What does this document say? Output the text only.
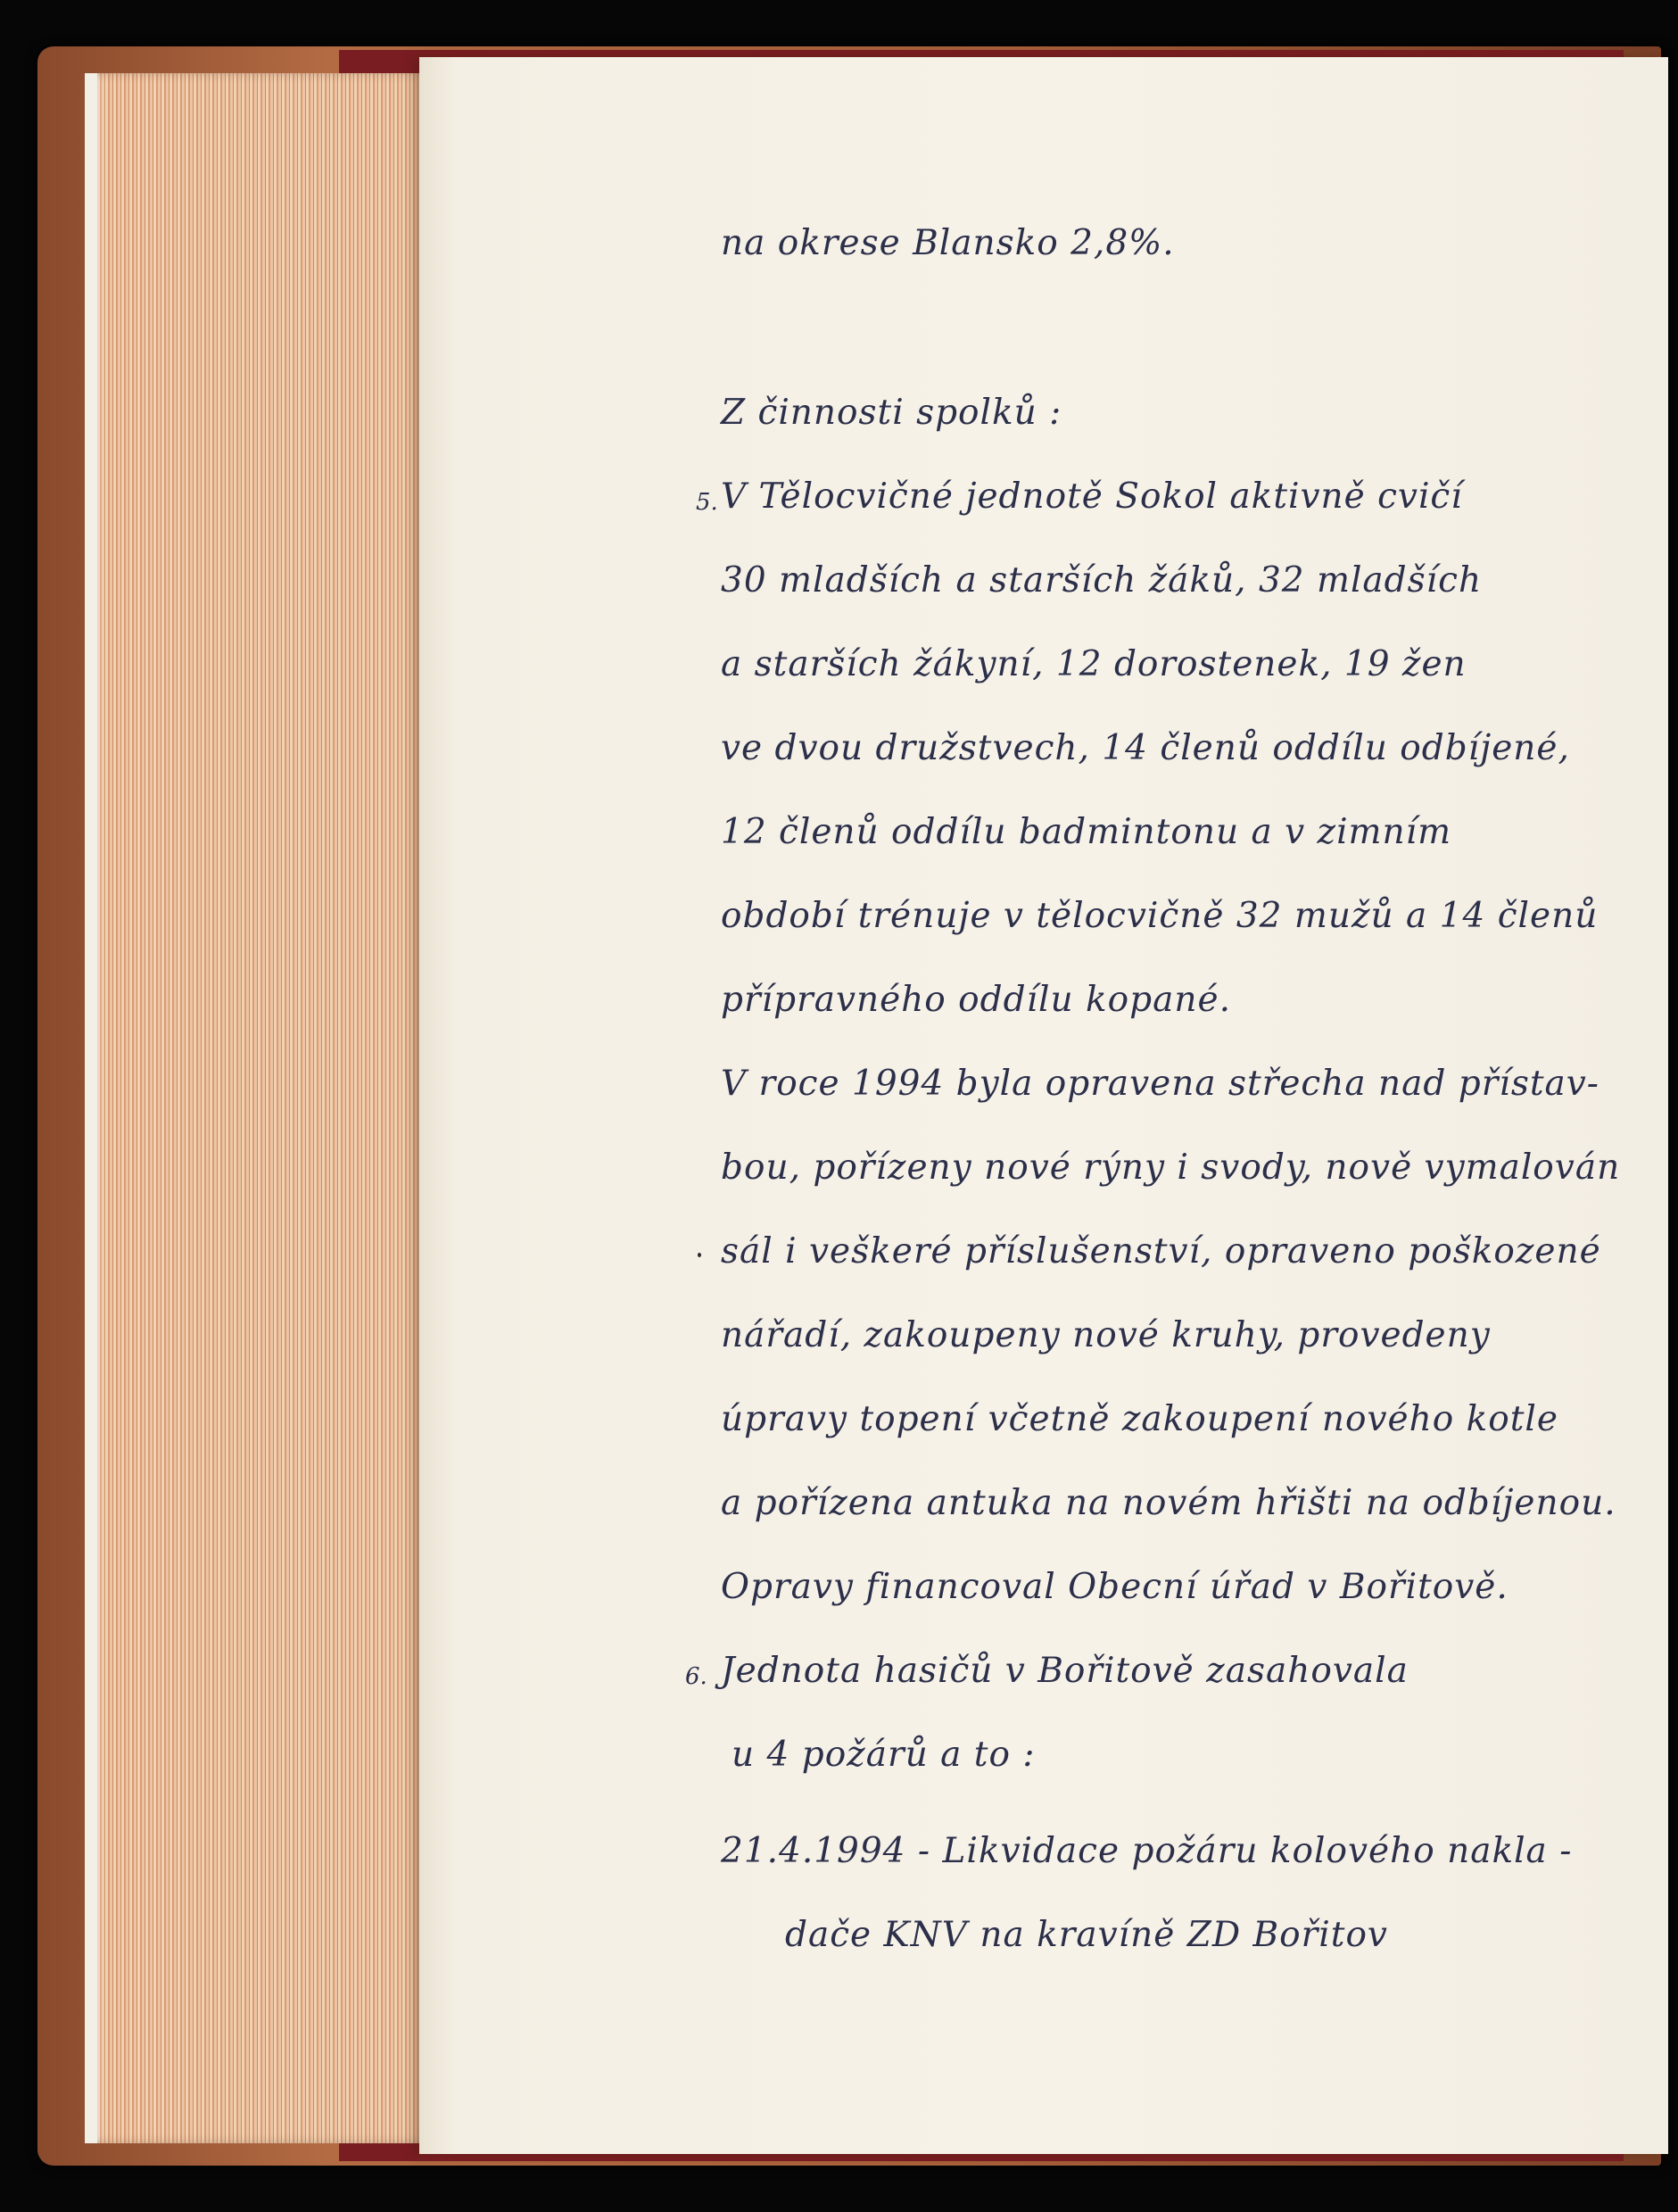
na okrese Blansko 2,8%.
Z činnosti spolků :
5. V Tělocvičné jednotě Sokol aktivně cvičí
30 mladších a starších žáků, 32 mladších
a starších žákyní, 12 dorostenek, 19 žen
ve dvou družstvech, 14 členů oddílu odbíjené,
12 členů oddílu badmintonu a v zimním
období trénuje v tělocvičně 32 mužů a 14 členů
přípravného oddílu kopané.
V roce 1994 byla opravena střecha nad přístav-
bou, pořízeny nové rýny i svody, nově vymalován
sál i veškeré příslušenství, opraveno poškozené
nářadí, zakoupeny nové kruhy, provedeny
úpravy topení včetně zakoupení nového kotle
a pořízena antuka na novém hřišti na odbíjenou.
Opravy financoval Obecní úřad v Bořitově.
6. Jednota hasičů v Bořitově zasahovala
u 4 požárů a to :
21.4.1994 - Likvidace požáru kolového nakla -
dače KNV na kravíně ZD Bořitov
